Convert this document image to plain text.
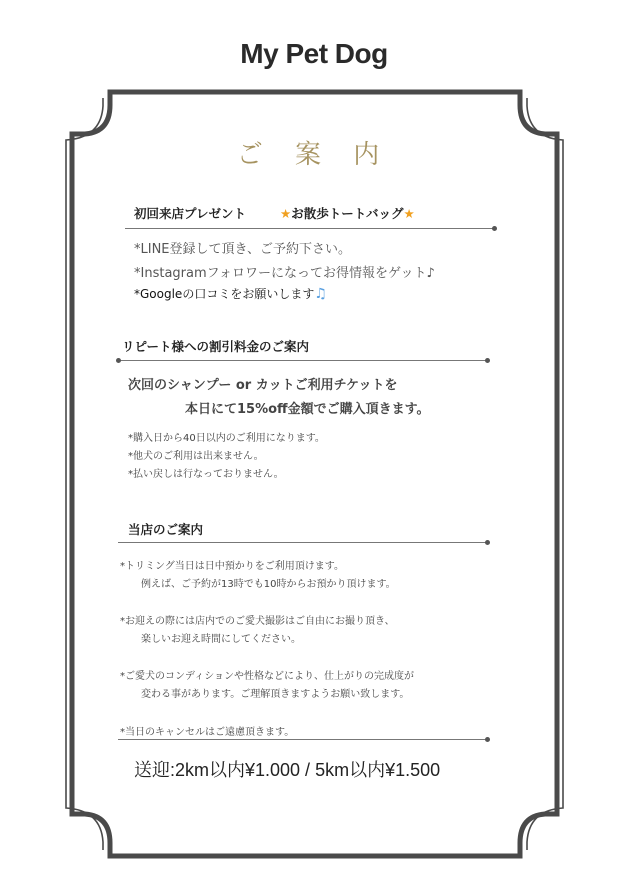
My Pet Dog
ご 案 内
初回来店プレゼント	★お散歩トートバッグ★
*LINE登録して頂き、ご予約下さい。
*Instagramフォロワーになってお得情報をゲット♪
*Googleの口コミをお願いします♫
リピート様への割引料金のご案内
次回のシャンプー or カットご利用チケットを
本日にて15%off金額でご購入頂きます。
*購入日から40日以内のご利用になります。
*他犬のご利用は出来ません。
*払い戻しは行なっておりません。
当店のご案内
*トリミング当日は日中預かりをご利用頂けます。
例えば、ご予約が13時でも10時からお預かり頂けます。
*お迎えの際には店内でのご愛犬撮影はご自由にお撮り頂き、
楽しいお迎え時間にしてください。
*ご愛犬のコンディションや性格などにより、仕上がりの完成度が
変わる事があります。ご理解頂きますようお願い致します。
*当日のキャンセルはご遠慮頂きます。
送迎:2km以内¥1.000 / 5km以内¥1.500
